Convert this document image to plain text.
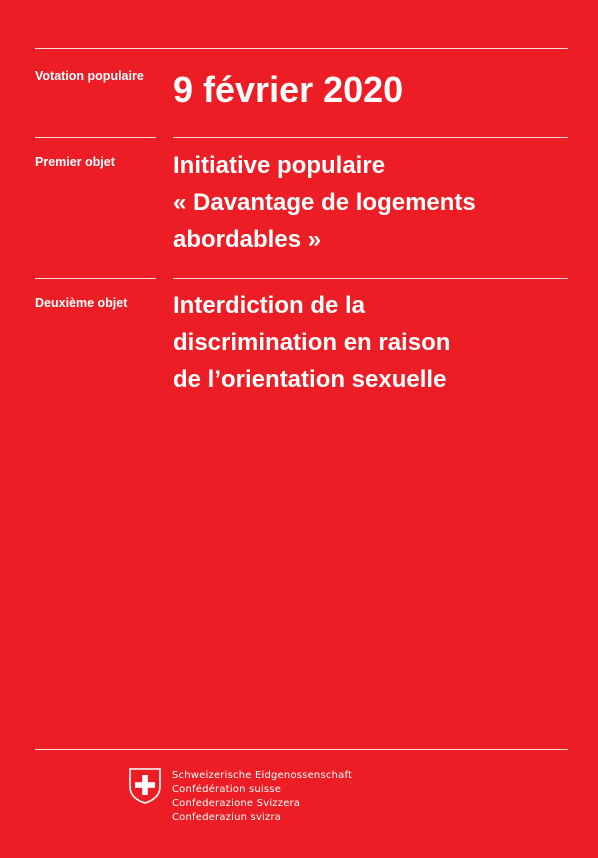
Votation populaire 9 février 2020
Premier objet	Initiative populaire
« Davantage de logements
abordables »
Deuxième objet	Interdiction de la
discrimination en raison
de l’orientation sexuelle
Schweizerische Eidgenossenschaft
Confédération suisse
Confederazione Svizzera
Confederaziun svizra
